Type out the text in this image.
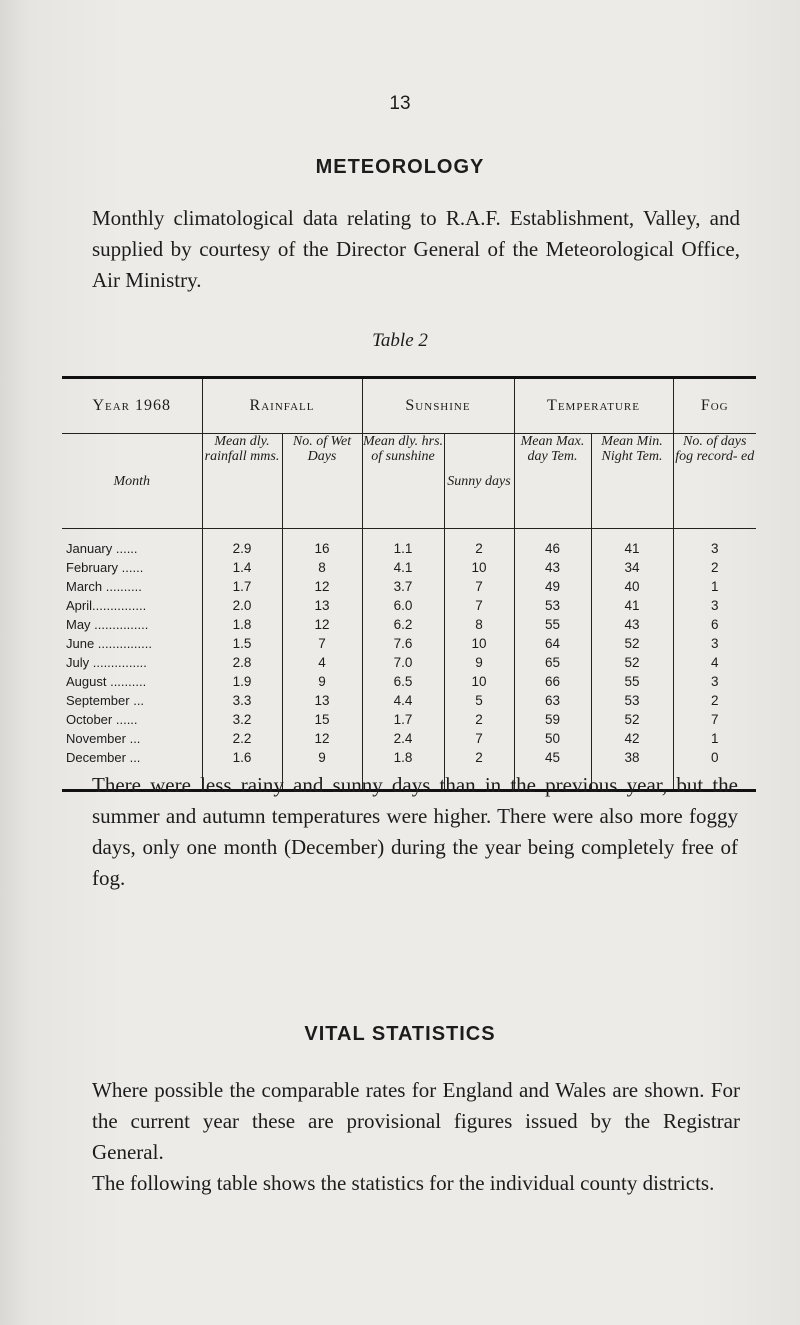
13
METEOROLOGY
Monthly climatological data relating to R.A.F. Establishment, Valley, and supplied by courtesy of the Director General of the Meteorological Office, Air Ministry.
Table 2
Year 1968	Rainfall		Sunshine		Temperature		Fog
Month	Mean dly. rainfall mms.	No. of Wet Days	Mean dly. hrs. of sunshine	Sunny days	Mean Max. day Tem.	Mean Min. Night Tem.	No. of days fog record- ed
January ......	2.9	16	1.1	2	46	41	3
February ......	1.4	8	4.1	10	43	34	2
March ..........	1.7	12	3.7	7	49	40	1
April...............	2.0	13	6.0	7	53	41	3
May ...............	1.8	12	6.2	8	55	43	6
June ...............	1.5	7	7.6	10	64	52	3
July ...............	2.8	4	7.0	9	65	52	4
August ..........	1.9	9	6.5	10	66	55	3
September ...	3.3	13	4.4	5	63	53	2
October ......	3.2	15	1.7	2	59	52	7
November ...	2.2	12	2.4	7	50	42	1
December ...	1.6	9	1.8	2	45	38	0
There were less rainy and sunny days than in the previous year, but the summer and autumn temperatures were higher. There were also more foggy days, only one month (December) during the year being completely free of fog.
VITAL STATISTICS
Where possible the comparable rates for England and Wales are shown. For the current year these are provisional figures issued by the Registrar General.
The following table shows the statistics for the individual county districts.
